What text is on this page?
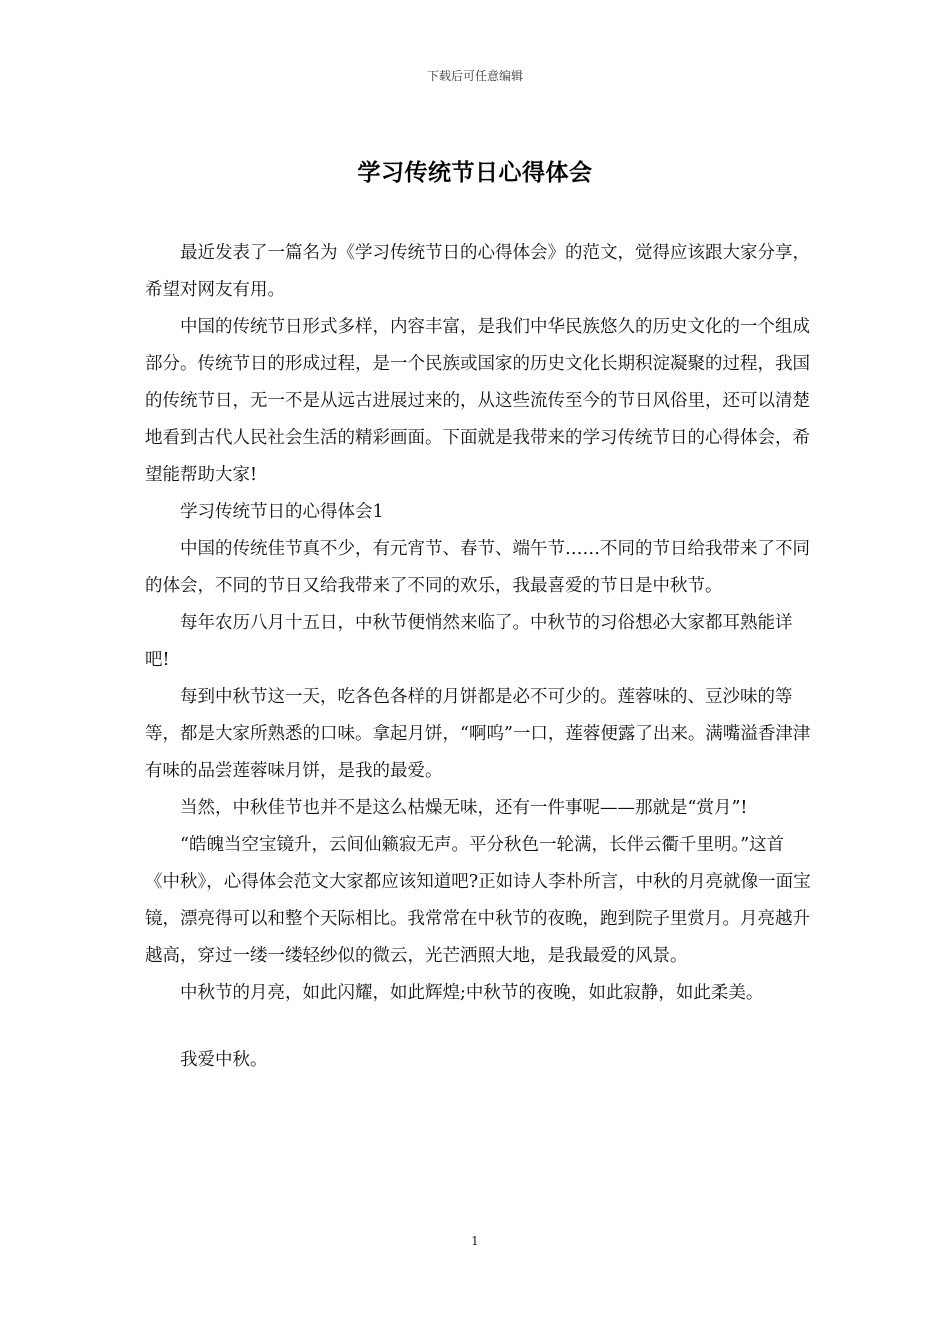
下载后可任意编辑
学习传统节日心得体会

最近发表了一篇名为《学习传统节日的心得体会》的范文，觉得应该跟大家分享，希望对网友有用。

中国的传统节日形式多样，内容丰富，是我们中华民族悠久的历史文化的一个组成部分。传统节日的形成过程，是一个民族或国家的历史文化长期积淀凝聚的过程，我国的传统节日，无一不是从远古进展过来的，从这些流传至今的节日风俗里，还可以清楚地看到古代人民社会生活的精彩画面。下面就是我带来的学习传统节日的心得体会，希望能帮助大家!

学习传统节日的心得体会1

中国的传统佳节真不少，有元宵节、春节、端午节……不同的节日给我带来了不同的体会，不同的节日又给我带来了不同的欢乐，我最喜爱的节日是中秋节。

每年农历八月十五日，中秋节便悄然来临了。中秋节的习俗想必大家都耳熟能详吧!

每到中秋节这一天，吃各色各样的月饼都是必不可少的。莲蓉味的、豆沙味的等等，都是大家所熟悉的口味。拿起月饼，“啊呜”一口，莲蓉便露了出来。满嘴溢香津津有味的品尝莲蓉味月饼，是我的最爱。

当然，中秋佳节也并不是这么枯燥无味，还有一件事呢——那就是“赏月”!

“皓魄当空宝镜升，云间仙籁寂无声。平分秋色一轮满，长伴云衢千里明。”这首《中秋》，心得体会范文大家都应该知道吧?正如诗人李朴所言，中秋的月亮就像一面宝镜，漂亮得可以和整个天际相比。我常常在中秋节的夜晚，跑到院子里赏月。月亮越升越高，穿过一缕一缕轻纱似的微云，光芒洒照大地，是我最爱的风景。

中秋节的月亮，如此闪耀，如此辉煌;中秋节的夜晚，如此寂静，如此柔美。

我爱中秋。

1
